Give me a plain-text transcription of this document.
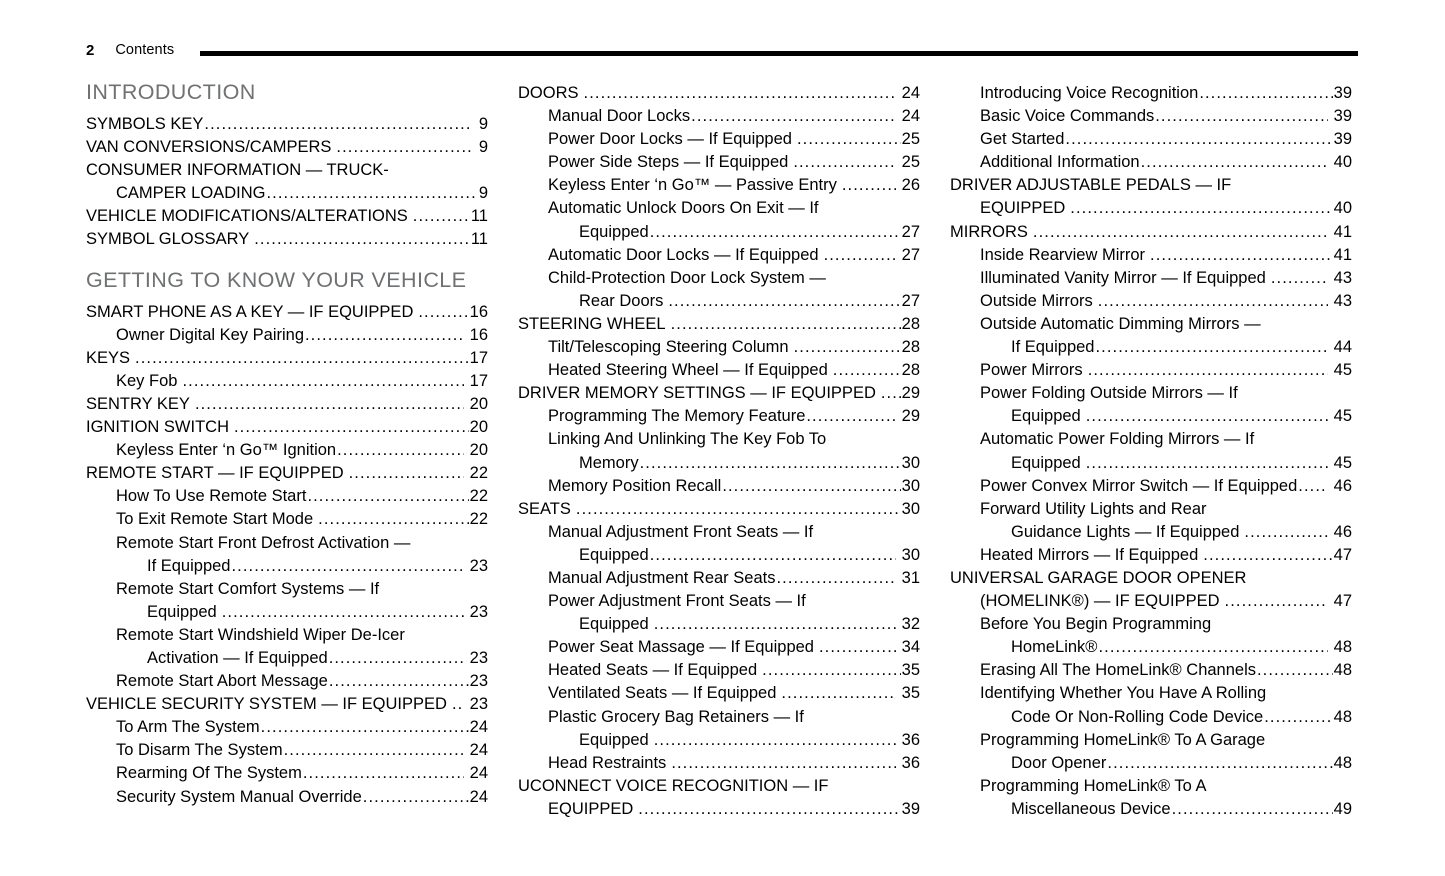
2 Contents
INTRODUCTION
SYMBOLS KEY .....	9
VAN CONVERSIONS/CAMPERS .....	9
CONSUMER INFORMATION — TRUCK-
CAMPER LOADING .....	9
VEHICLE MODIFICATIONS/ALTERATIONS .....	11
SYMBOL GLOSSARY .....	11
GETTING TO KNOW YOUR VEHICLE
SMART PHONE AS A KEY — IF EQUIPPED .....	16
Owner Digital Key Pairing .....	16
KEYS .....	17
Key Fob .....	17
SENTRY KEY .....	20
IGNITION SWITCH .....	20
Keyless Enter ‘n Go™ Ignition .....	20
REMOTE START — IF EQUIPPED .....	22
How To Use Remote Start .....	22
To Exit Remote Start Mode .....	22
Remote Start Front Defrost Activation —
If Equipped .....	23
Remote Start Comfort Systems — If
Equipped .....	23
Remote Start Windshield Wiper De-Icer
Activation — If Equipped .....	23
Remote Start Abort Message .....	23
VEHICLE SECURITY SYSTEM — IF EQUIPPED ..... 23
To Arm The System .....	24
To Disarm The System .....	24
Rearming Of The System .....	24
Security System Manual Override .....	24
DOORS .....	24
Manual Door Locks .....	24
Power Door Locks — If Equipped .....	25
Power Side Steps — If Equipped .....	25
Keyless Enter ‘n Go™ — Passive Entry .....	26
Automatic Unlock Doors On Exit — If
Equipped .....	27
Automatic Door Locks — If Equipped .....	27
Child-Protection Door Lock System —
Rear Doors .....	27
STEERING WHEEL .....	28
Tilt/Telescoping Steering Column .....	28
Heated Steering Wheel — If Equipped .....	28
DRIVER MEMORY SETTINGS — IF EQUIPPED ..... 29
Programming The Memory Feature .....	29
Linking And Unlinking The Key Fob To
Memory .....	30
Memory Position Recall .....	30
SEATS .....	30
Manual Adjustment Front Seats — If
Equipped .....	30
Manual Adjustment Rear Seats .....	31
Power Adjustment Front Seats — If
Equipped .....	32
Power Seat Massage — If Equipped .....	34
Heated Seats — If Equipped .....	35
Ventilated Seats — If Equipped .....	35
Plastic Grocery Bag Retainers — If
Equipped .....	36
Head Restraints .....	36
UCONNECT VOICE RECOGNITION — IF
EQUIPPED .....	39
Introducing Voice Recognition .....	39
Basic Voice Commands .....	39
Get Started .....	39
Additional Information .....	40
DRIVER ADJUSTABLE PEDALS — IF
EQUIPPED .....	40
MIRRORS .....	41
Inside Rearview Mirror .....	41
Illuminated Vanity Mirror — If Equipped .....	43
Outside Mirrors .....	43
Outside Automatic Dimming Mirrors —
If Equipped .....	44
Power Mirrors .....	45
Power Folding Outside Mirrors — If
Equipped .....	45
Automatic Power Folding Mirrors — If
Equipped .....	45
Power Convex Mirror Switch — If Equipped ..... 46
Forward Utility Lights and Rear
Guidance Lights — If Equipped .....	46
Heated Mirrors — If Equipped .....	47
UNIVERSAL GARAGE DOOR OPENER
(HOMELINK®) — IF EQUIPPED .....	47
Before You Begin Programming
HomeLink® .....	48
Erasing All The HomeLink® Channels .....	48
Identifying Whether You Have A Rolling
Code Or Non-Rolling Code Device .....	48
Programming HomeLink® To A Garage
Door Opener .....	48
Programming HomeLink® To A
Miscellaneous Device .....	49
